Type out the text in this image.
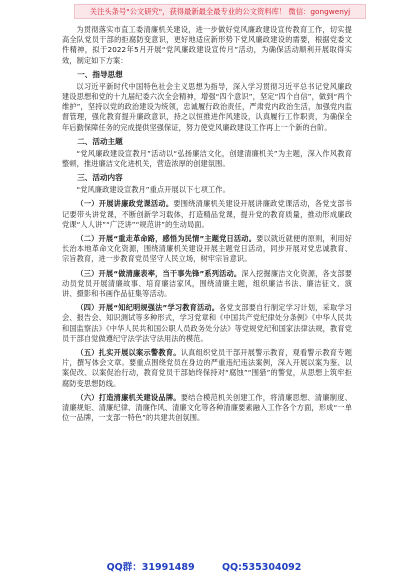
关注头条号"公文研究"，获得最新最全最专业的公文资料库！ 微信：gongwenyj

为贯彻落实市直工委清廉机关建设，进一步做好党风廉政建设宣传教育工作，切实提高全队党员干部的拒腐防变意识，更好地适应新形势下党风廉政建设的需要，根据党委文件精神，拟于2022年5月开展“党风廉政建设宣传月”活动，为确保活动顺利开展取得实效，制定如下方案：

一、指导思想

以习近平新时代中国特色社会主义思想为指导，深入学习贯彻习近平总书记党风廉政建设思想和党的十九届纪委六次全会精神，增强“四个意识”，坚定“四个自信”，做到“两个维护”，坚持以党的政治建设为统领，忠诚履行政治责任，严肃党内政治生活，加强党内监督管理，强化教育提升廉政意识，持之以恒推进作风建设，认真履行工作职责，为确保全年后勤保障任务的完成提供坚强保证，努力使党风廉政建设工作再上一个新的台阶。

二、活动主题

“党风廉政建设宣教月”活动以“弘扬廉洁文化，创建清廉机关”为主题，深入作风教育整顿，推进廉洁文化进机关，营造浓厚的创建氛围。

三、活动内容

“党风廉政建设宣教月”重点开展以下七项工作。

（一）开展讲廉政党课活动。要围绕清廉机关建设开展讲廉政党课活动，各党支部书记要带头讲党课，不断创新学习载体，打造精品党课，提升党的教育质量，推动形成廉政党课“人人讲”“广泛讲”“规范讲”的生动局面。

（二）开展“重走革命路，感悟为民情”主题党日活动。要以就近就便的原则，利用好长治本地革命文化资源，围绕清廉机关建设开展主题党日活动，同步开展对党忠诚教育、宗旨教育，进一步教育党员坚守人民立场，树牢宗旨意识。

（三）开展“做清廉表率，当干事先锋”系列活动。深入挖掘廉洁文化资源，各支部要动员党员开展清廉故事、培育廉洁家风，围绕清廉主题，组织廉洁书法、廉洁征文、演讲、摄影和书画作品征集等活动。

（四）开展“知纪明规强法”学习教育活动。各党支部要自行制定学习计划，采取学习会、报告会、知识测试等多种形式，学习党章和《中国共产党纪律处分条例》《中华人民共和国监察法》《中华人民共和国公职人员政务处分法》等党规党纪和国家法律法规，教育党员干部自觉做遵纪守法学法守法用法的模范。

（五）扎实开展以案示警教育。认真组织党员干部开展警示教育，观看警示教育专题片，撰写体会文章。要重点围绕党员在身边的严重违纪违法案例，深入开展以案为鉴、以案促改、以案促治行动，教育党员干部始终保持对“腐蚀”“围猎”的警觉，从思想上筑牢拒腐防变思想防线。

（六）打造清廉机关建设品牌。要结合模范机关创建工作，将清廉思想、清廉制度、清廉规矩、清廉纪律、清廉作风、清廉文化等各种清廉要素融入工作各个方面，形成“一单位一品牌，一支部一特色”的共建共创氛围。

QQ群：31991489	QQ:535304092
